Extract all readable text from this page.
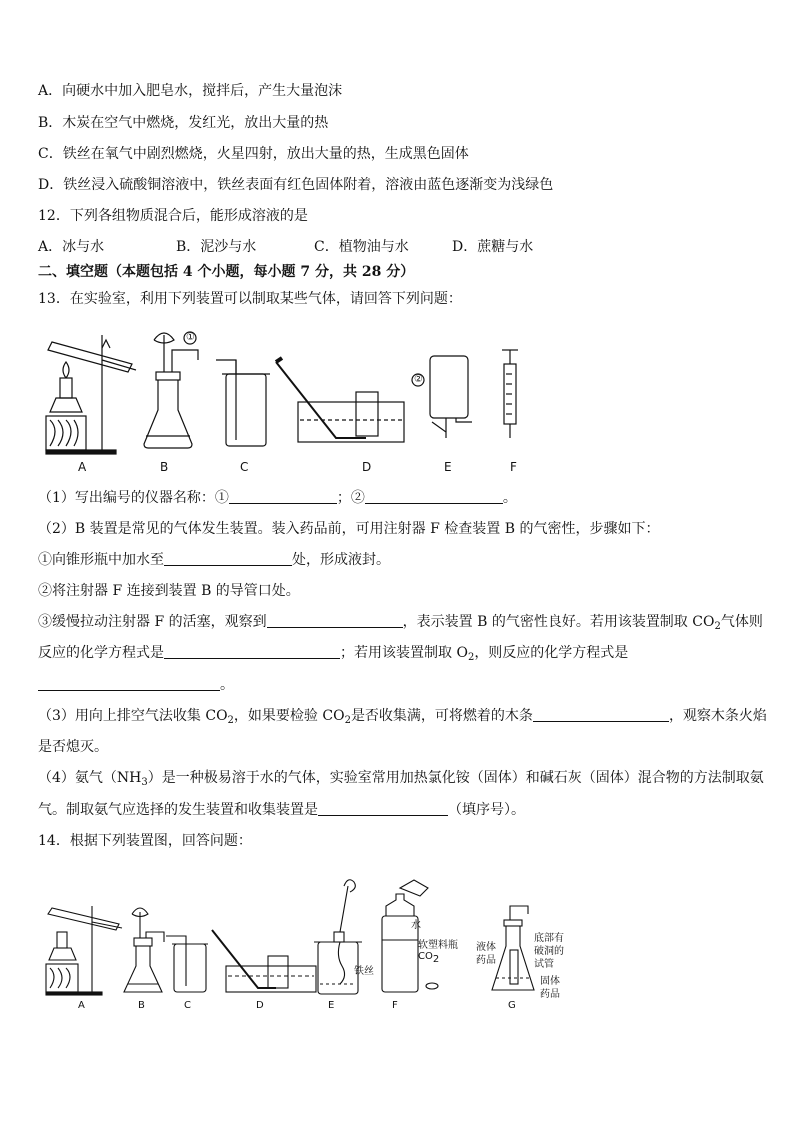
A．向硬水中加入肥皂水，搅拌后，产生大量泡沫
B．木炭在空气中燃烧，发红光，放出大量的热
C．铁丝在氧气中剧烈燃烧，火星四射，放出大量的热，生成黑色固体
D．铁丝浸入硫酸铜溶液中，铁丝表面有红色固体附着，溶液由蓝色逐渐变为浅绿色
12．下列各组物质混合后，能形成溶液的是
A．冰与水	B．泥沙与水	C．植物油与水	D．蔗糖与水
二、填空题（本题包括 4 个小题，每小题 7 分，共 28 分）
13．在实验室，利用下列装置可以制取某些气体，请回答下列问题：
①
②
A	B	C	D	E	F
（1）写出编号的仪器名称：①	；②	。
（2）B 装置是常见的气体发生装置。装入药品前，可用注射器 F 检查装置 B 的气密性，步骤如下：
①向锥形瓶中加水至	处，形成液封。
②将注射器 F 连接到装置 B 的导管口处。
③缓慢拉动注射器 F 的活塞，观察到	，表示装置 B 的气密性良好。若用该装置制取 $CO_2$气体则
反应的化学方程式是	；若用该装置制取 $O_2$，则反应的化学方程式是
。
（3）用向上排空气法收集 $CO_2$，如果要检验 $CO_2$是否收集满，可将燃着的木条	，观察木条火焰
是否熄灭。
（4）氨气$(NH_3)$是一种极易溶于水的气体，实验室常用加热氯化铵（固体）和碱石灰（固体）混合物的方法制取氨
气。制取氨气应选择的发生装置和收集装置是	（填序号）。
14．根据下列装置图，回答问题：
水
软塑料瓶
$CO_2$
铁丝
液体
药品
底部有
破洞的
试管
固体
药品
A	B	C	D	E	F	G
